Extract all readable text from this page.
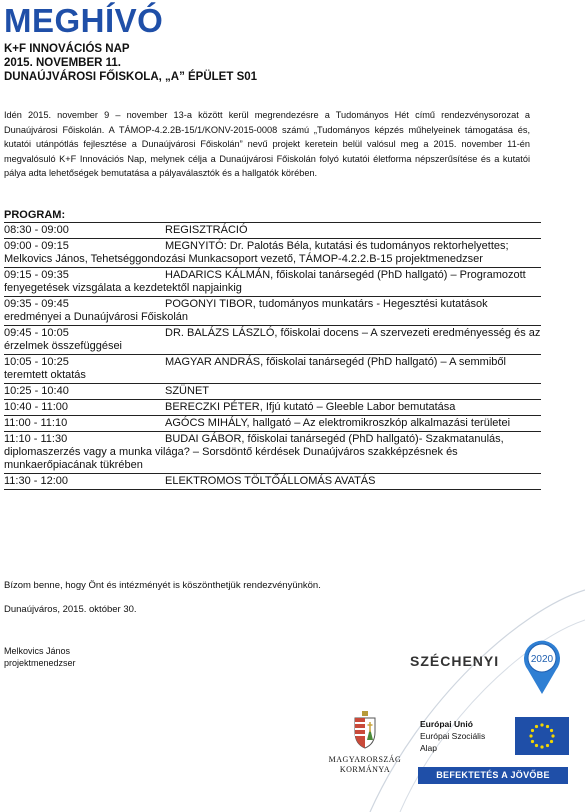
MEGHÍVÓ
K+F INNOVÁCIÓS NAP
2015. NOVEMBER 11.
DUNAÚJVÁROSI FŐISKOLA, „A” ÉPÜLET S01
Idén 2015. november 9 – november 13-a között kerül megrendezésre a Tudományos Hét című rendezvénysorozat a Dunaújvárosi Főiskolán. A TÁMOP-4.2.2B-15/1/KONV-2015-0008 számú „Tudományos képzés műhelyeinek támogatása és, kutatói utánpótlás fejlesztése a Dunaújvárosi Főiskolán” nevű projekt keretein belül valósul meg a 2015. november 11-én megvalósuló K+F Innovációs Nap, melynek célja a Dunaújvárosi Főiskolán folyó kutatói életforma népszerűsítése és a kutatói pálya adta lehetőségek bemutatása a pályaválasztók és a hallgatók körében.
PROGRAM:
08:30 - 09:00	REGISZTRÁCIÓ
09:00 - 09:15	MEGNYITÓ: Dr. Palotás Béla, kutatási és tudományos rektorhelyettes; Melkovics János, Tehetséggondozási Munkacsoport vezető, TÁMOP-4.2.2.B-15 projektmenedzser
09:15 - 09:35	HADARICS KÁLMÁN, főiskolai tanársegéd (PhD hallgató) – Programozott fenyegetések vizsgálata a kezdetektől napjainkig
09:35 - 09:45	POGONYI TIBOR, tudományos munkatárs - Hegesztési kutatások eredményei a Dunaújvárosi Főiskolán
09:45 - 10:05	DR. BALÁZS LÁSZLÓ, főiskolai docens – A szervezeti eredményesség és az érzelmek összefüggései
10:05 - 10:25	MAGYAR ANDRÁS, főiskolai tanársegéd (PhD hallgató) – A semmiből teremtett oktatás
10:25 - 10:40	SZÜNET
10:40 - 11:00	BERECZKI PÉTER, Ifjú kutató – Gleeble Labor bemutatása
11:00 - 11:10	AGÓCS MIHÁLY, hallgató – Az elektromikroszkóp alkalmazási területei
11:10 - 11:30	BUDAI GÁBOR, főiskolai tanársegéd (PhD hallgató)- Szakmatanulás, diplomaszerzés vagy a munka világa? – Sorsdöntő kérdések Dunaújváros szakképzésnek és munkaerőpiacának tükrében
11:30 - 12:00	ELEKTROMOS TÖLTŐÁLLOMÁS AVATÁS
Bízom benne, hogy Önt és intézményét is köszönthetjük rendezvényünkön.
Dunaújváros, 2015. október 30.
Melkovics János
projektmenedzser	SZÉCHENYI	2020
MAGYARORSZÁG
KORMÁNYA
Európai Unió
Európai Szociális
Alap
BEFEKTETÉS A JÖVŐBE
